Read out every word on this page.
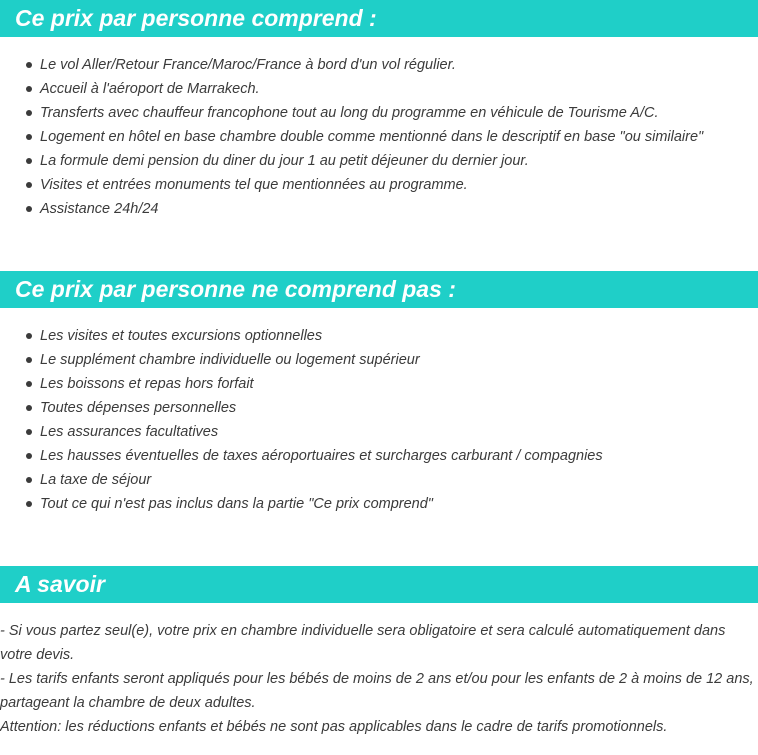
Ce prix par personne comprend :
Le vol Aller/Retour France/Maroc/France à bord d'un vol régulier.
Accueil à l'aéroport de Marrakech.
Transferts avec chauffeur francophone tout au long du programme en véhicule de Tourisme A/C.
Logement en hôtel en base chambre double comme mentionné dans le descriptif en base "ou similaire"
La formule demi pension du diner du jour 1 au petit déjeuner du dernier jour.
Visites et entrées monuments tel que mentionnées au programme.
Assistance 24h/24
Ce prix par personne ne comprend pas :
Les visites et toutes excursions optionnelles
Le supplément chambre individuelle ou logement supérieur
Les boissons et repas hors forfait
Toutes dépenses personnelles
Les assurances facultatives
Les hausses éventuelles de taxes aéroportuaires et surcharges carburant / compagnies
La taxe de séjour
Tout ce qui n'est pas inclus dans la partie "Ce prix comprend"
A savoir

- Si vous partez seul(e), votre prix en chambre individuelle sera obligatoire et sera calculé automatiquement dans votre devis.

- Les tarifs enfants seront appliqués pour les bébés de moins de 2 ans et/ou pour les enfants de 2 à moins de 12 ans, partageant la chambre de deux adultes.

Attention: les réductions enfants et bébés ne sont pas applicables dans le cadre de tarifs promotionnels.
